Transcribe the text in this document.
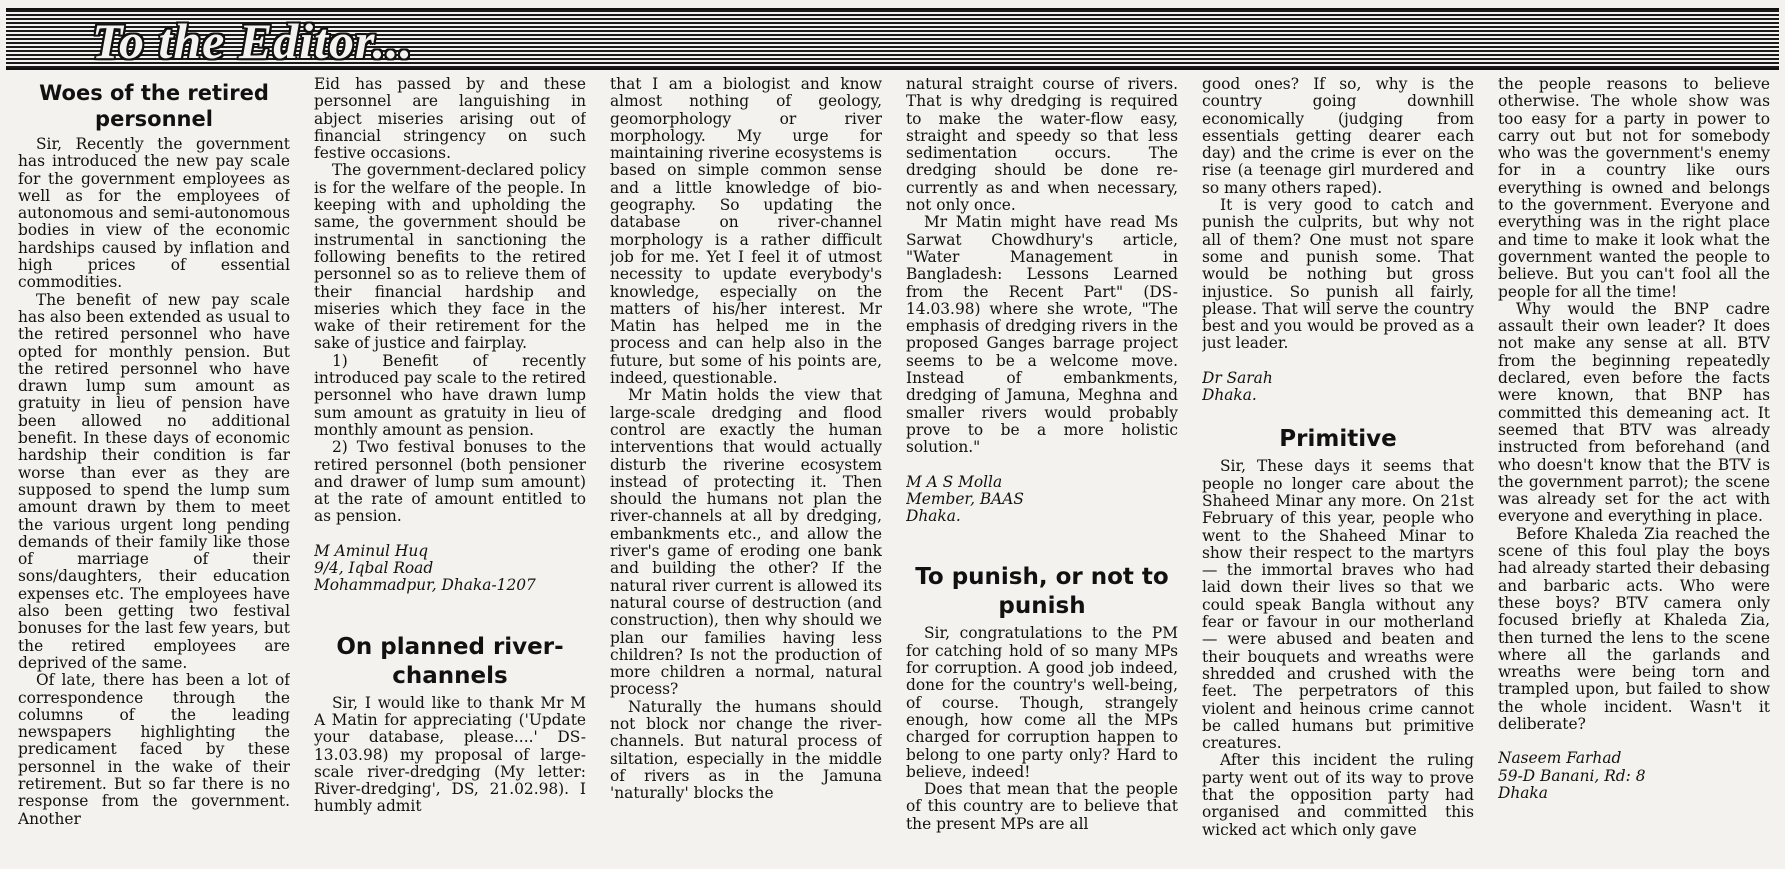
To the Editor...
Woes of the retired personnel

Sir, Recently the government has introduced the new pay scale for the government employees as well as for the employees of autonomous and semi-autonomous bodies in view of the economic hardships caused by inflation and high prices of essential commodities.

The benefit of new pay scale has also been extended as usual to the retired personnel who have opted for monthly pension. But the retired personnel who have drawn lump sum amount as gratuity in lieu of pension have been allowed no additional benefit. In these days of economic hardship their condition is far worse than ever as they are supposed to spend the lump sum amount drawn by them to meet the various urgent long pending demands of their family like those of marriage of their sons/daughters, their education expenses etc. The employees have also been getting two festival bonuses for the last few years, but the retired employees are deprived of the same.

Of late, there has been a lot of correspondence through the columns of the leading newspapers highlighting the predicament faced by these personnel in the wake of their retirement. But so far there is no response from the government. Another

Eid has passed by and these personnel are languishing in abject miseries arising out of financial stringency on such festive occasions.

The government-declared policy is for the welfare of the people. In keeping with and upholding the same, the government should be instrumental in sanctioning the following benefits to the retired personnel so as to relieve them of their financial hardship and miseries which they face in the wake of their retirement for the sake of justice and fairplay.

1) Benefit of recently introduced pay scale to the retired personnel who have drawn lump sum amount as gratuity in lieu of monthly amount as pension.

2) Two festival bonuses to the retired personnel (both pensioner and drawer of lump sum amount) at the rate of amount entitled to as pension.

M Aminul Huq
9/4, Iqbal Road
Mohammadpur, Dhaka-1207
On planned river-channels

Sir, I would like to thank Mr M A Matin for appreciating ('Update your database, please....' DS-13.03.98) my proposal of large-scale river-dredging (My letter: River-dredging', DS, 21.02.98). I humbly admit

that I am a biologist and know almost nothing of geology, geomorphology or river morphology. My urge for maintaining riverine ecosystems is based on simple common sense and a little knowledge of bio-geography. So updating the database on river-channel morphology is a rather difficult job for me. Yet I feel it of utmost necessity to update everybody's knowledge, especially on the matters of his/her interest. Mr Matin has helped me in the process and can help also in the future, but some of his points are, indeed, questionable.

Mr Matin holds the view that large-scale dredging and flood control are exactly the human interventions that would actually disturb the riverine ecosystem instead of protecting it. Then should the humans not plan the river-channels at all by dredging, embankments etc., and allow the river's game of eroding one bank and building the other? If the natural river current is allowed its natural course of destruction (and construction), then why should we plan our families having less children? Is not the production of more children a normal, natural process?

Naturally the humans should not block nor change the river-channels. But natural process of siltation, especially in the middle of rivers as in the Jamuna 'naturally' blocks the

natural straight course of rivers. That is why dredging is required to make the water-flow easy, straight and speedy so that less sedimentation occurs. The dredging should be done re-currently as and when necessary, not only once.

Mr Matin might have read Ms Sarwat Chowdhury's article, "Water Management in Bangladesh: Lessons Learned from the Recent Part" (DS-14.03.98) where she wrote, "The emphasis of dredging rivers in the proposed Ganges barrage project seems to be a welcome move. Instead of embankments, dredging of Jamuna, Meghna and smaller rivers would probably prove to be a more holistic solution."

M A S Molla
Member, BAAS
Dhaka.
To punish, or not to punish

Sir, congratulations to the PM for catching hold of so many MPs for corruption. A good job indeed, done for the country's well-being, of course. Though, strangely enough, how come all the MPs charged for corruption happen to belong to one party only? Hard to believe, indeed!

Does that mean that the people of this country are to believe that the present MPs are all

good ones? If so, why is the country going downhill economically (judging from essentials getting dearer each day) and the crime is ever on the rise (a teenage girl murdered and so many others raped).

It is very good to catch and punish the culprits, but why not all of them? One must not spare some and punish some. That would be nothing but gross injustice. So punish all fairly, please. That will serve the country best and you would be proved as a just leader.

Dr Sarah
Dhaka.
Primitive

Sir, These days it seems that people no longer care about the Shaheed Minar any more. On 21st February of this year, people who went to the Shaheed Minar to show their respect to the martyrs — the immortal braves who had laid down their lives so that we could speak Bangla without any fear or favour in our motherland — were abused and beaten and their bouquets and wreaths were shredded and crushed with the feet. The perpetrators of this violent and heinous crime cannot be called humans but primitive creatures.

After this incident the ruling party went out of its way to prove that the opposition party had organised and committed this wicked act which only gave

the people reasons to believe otherwise. The whole show was too easy for a party in power to carry out but not for somebody who was the government's enemy for in a country like ours everything is owned and belongs to the government. Everyone and everything was in the right place and time to make it look what the government wanted the people to believe. But you can't fool all the people for all the time!

Why would the BNP cadre assault their own leader? It does not make any sense at all. BTV from the beginning repeatedly declared, even before the facts were known, that BNP has committed this demeaning act. It seemed that BTV was already instructed from beforehand (and who doesn't know that the BTV is the government parrot); the scene was already set for the act with everyone and everything in place.

Before Khaleda Zia reached the scene of this foul play the boys had already started their debasing and barbaric acts. Who were these boys? BTV camera only focused briefly at Khaleda Zia, then turned the lens to the scene where all the garlands and wreaths were being torn and trampled upon, but failed to show the whole incident. Wasn't it deliberate?

Naseem Farhad
59-D Banani, Rd: 8
Dhaka
